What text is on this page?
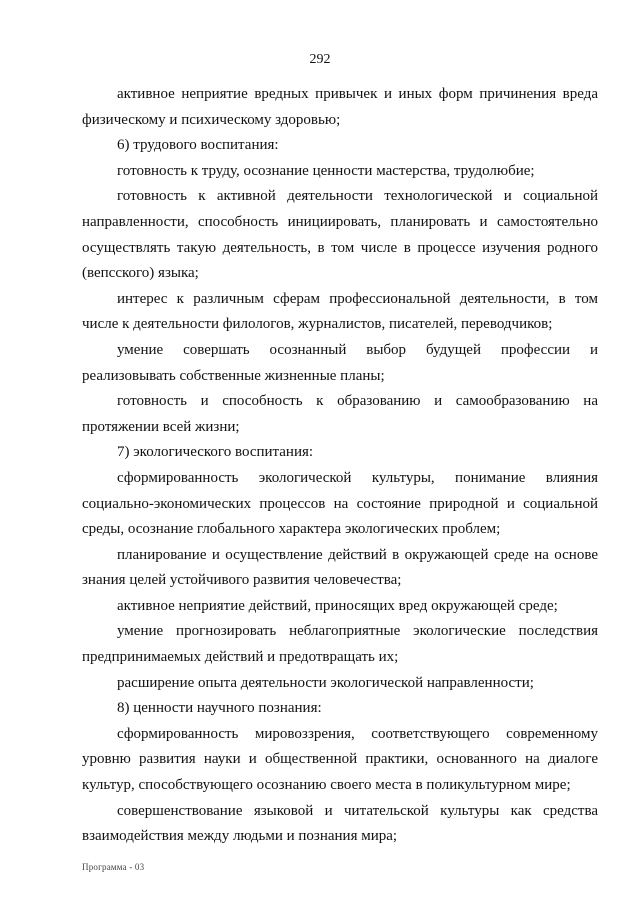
292

активное неприятие вредных привычек и иных форм причинения вреда физическому и психическому здоровью;

6) трудового воспитания:

готовность к труду, осознание ценности мастерства, трудолюбие;

готовность к активной деятельности технологической и социальной направленности, способность инициировать, планировать и самостоятельно осуществлять такую деятельность, в том числе в процессе изучения родного (вепсского) языка;

интерес к различным сферам профессиональной деятельности, в том числе к деятельности филологов, журналистов, писателей, переводчиков;

умение совершать осознанный выбор будущей профессии и реализовывать собственные жизненные планы;

готовность и способность к образованию и самообразованию на протяжении всей жизни;

7) экологического воспитания:

сформированность экологической культуры, понимание влияния социально-экономических процессов на состояние природной и социальной среды, осознание глобального характера экологических проблем;

планирование и осуществление действий в окружающей среде на основе знания целей устойчивого развития человечества;

активное неприятие действий, приносящих вред окружающей среде;

умение прогнозировать неблагоприятные экологические последствия предпринимаемых действий и предотвращать их;

расширение опыта деятельности экологической направленности;

8) ценности научного познания:

сформированность мировоззрения, соответствующего современному уровню развития науки и общественной практики, основанного на диалоге культур, способствующего осознанию своего места в поликультурном мире;

совершенствование языковой и читательской культуры как средства взаимодействия между людьми и познания мира;

Программа - 03
